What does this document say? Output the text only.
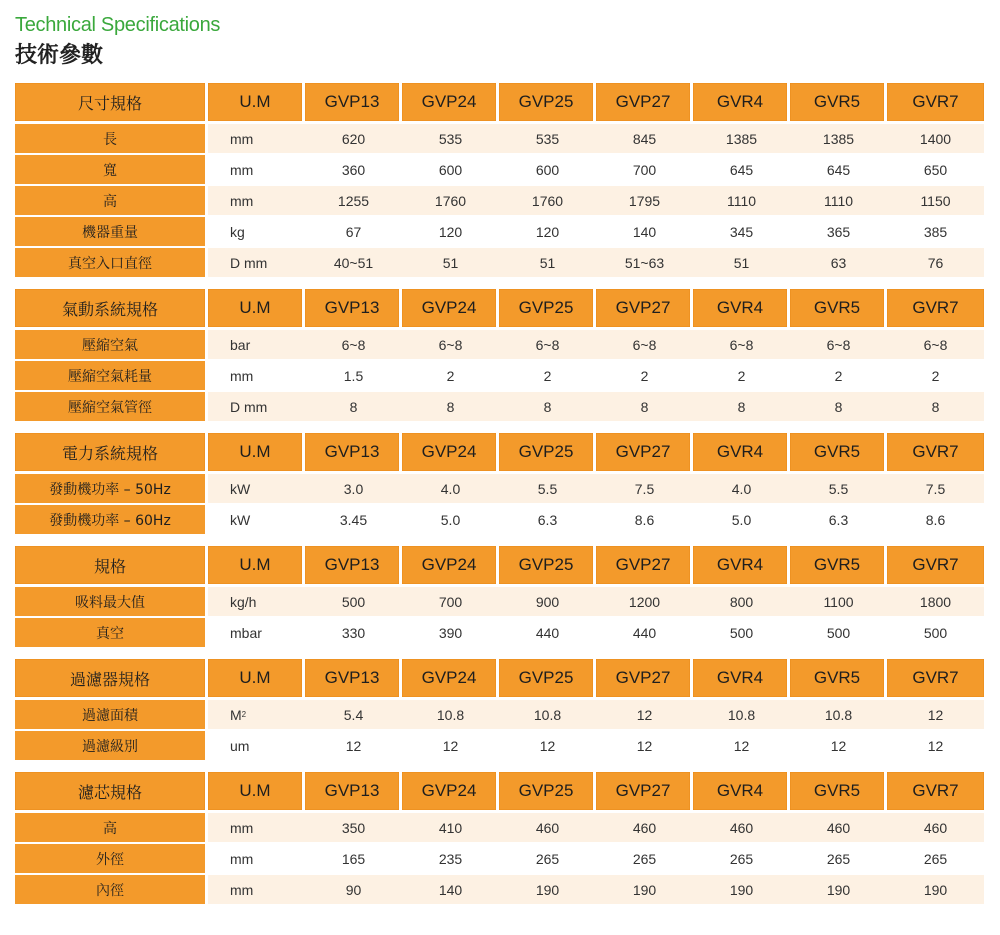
Technical Specifications
技術參數
尺寸規格	U.M	GVP13	GVP24	GVP25	GVP27	GVR4	GVR5	GVR7
長	mm	620	535	535	845	1385	1385	1400
寬	mm	360	600	600	700	645	645	650
高	mm	1255	1760	1760	1795	1110	1110	1150
機器重量	kg	67	120	120	140	345	365	385
真空入口直徑	D mm	40~51	51	51	51~63	51	63	76
氣動系統規格	U.M	GVP13	GVP24	GVP25	GVP27	GVR4	GVR5	GVR7
壓縮空氣	bar	6~8	6~8	6~8	6~8	6~8	6~8	6~8
壓縮空氣耗量	mm	1.5	2	2	2	2	2	2
壓縮空氣管徑	D mm	8	8	8	8	8	8	8
電力系統規格	U.M	GVP13	GVP24	GVP25	GVP27	GVR4	GVR5	GVR7
發動機功率 – 50Hz	kW	3.0	4.0	5.5	7.5	4.0	5.5	7.5
發動機功率 – 60Hz	kW	3.45	5.0	6.3	8.6	5.0	6.3	8.6
規格	U.M	GVP13	GVP24	GVP25	GVP27	GVR4	GVR5	GVR7
吸料最大值	kg/h	500	700	900	1200	800	1100	1800
真空	mbar	330	390	440	440	500	500	500
過濾器規格	U.M	GVP13	GVP24	GVP25	GVP27	GVR4	GVR5	GVR7
過濾面積	M 2	5.4	10.8	10.8	12	10.8	10.8	12
過濾級別	um	12	12	12	12	12	12	12
濾芯規格	U.M	GVP13	GVP24	GVP25	GVP27	GVR4	GVR5	GVR7
高	mm	350	410	460	460	460	460	460
外徑	mm	165	235	265	265	265	265	265
內徑	mm	90	140	190	190	190	190	190
